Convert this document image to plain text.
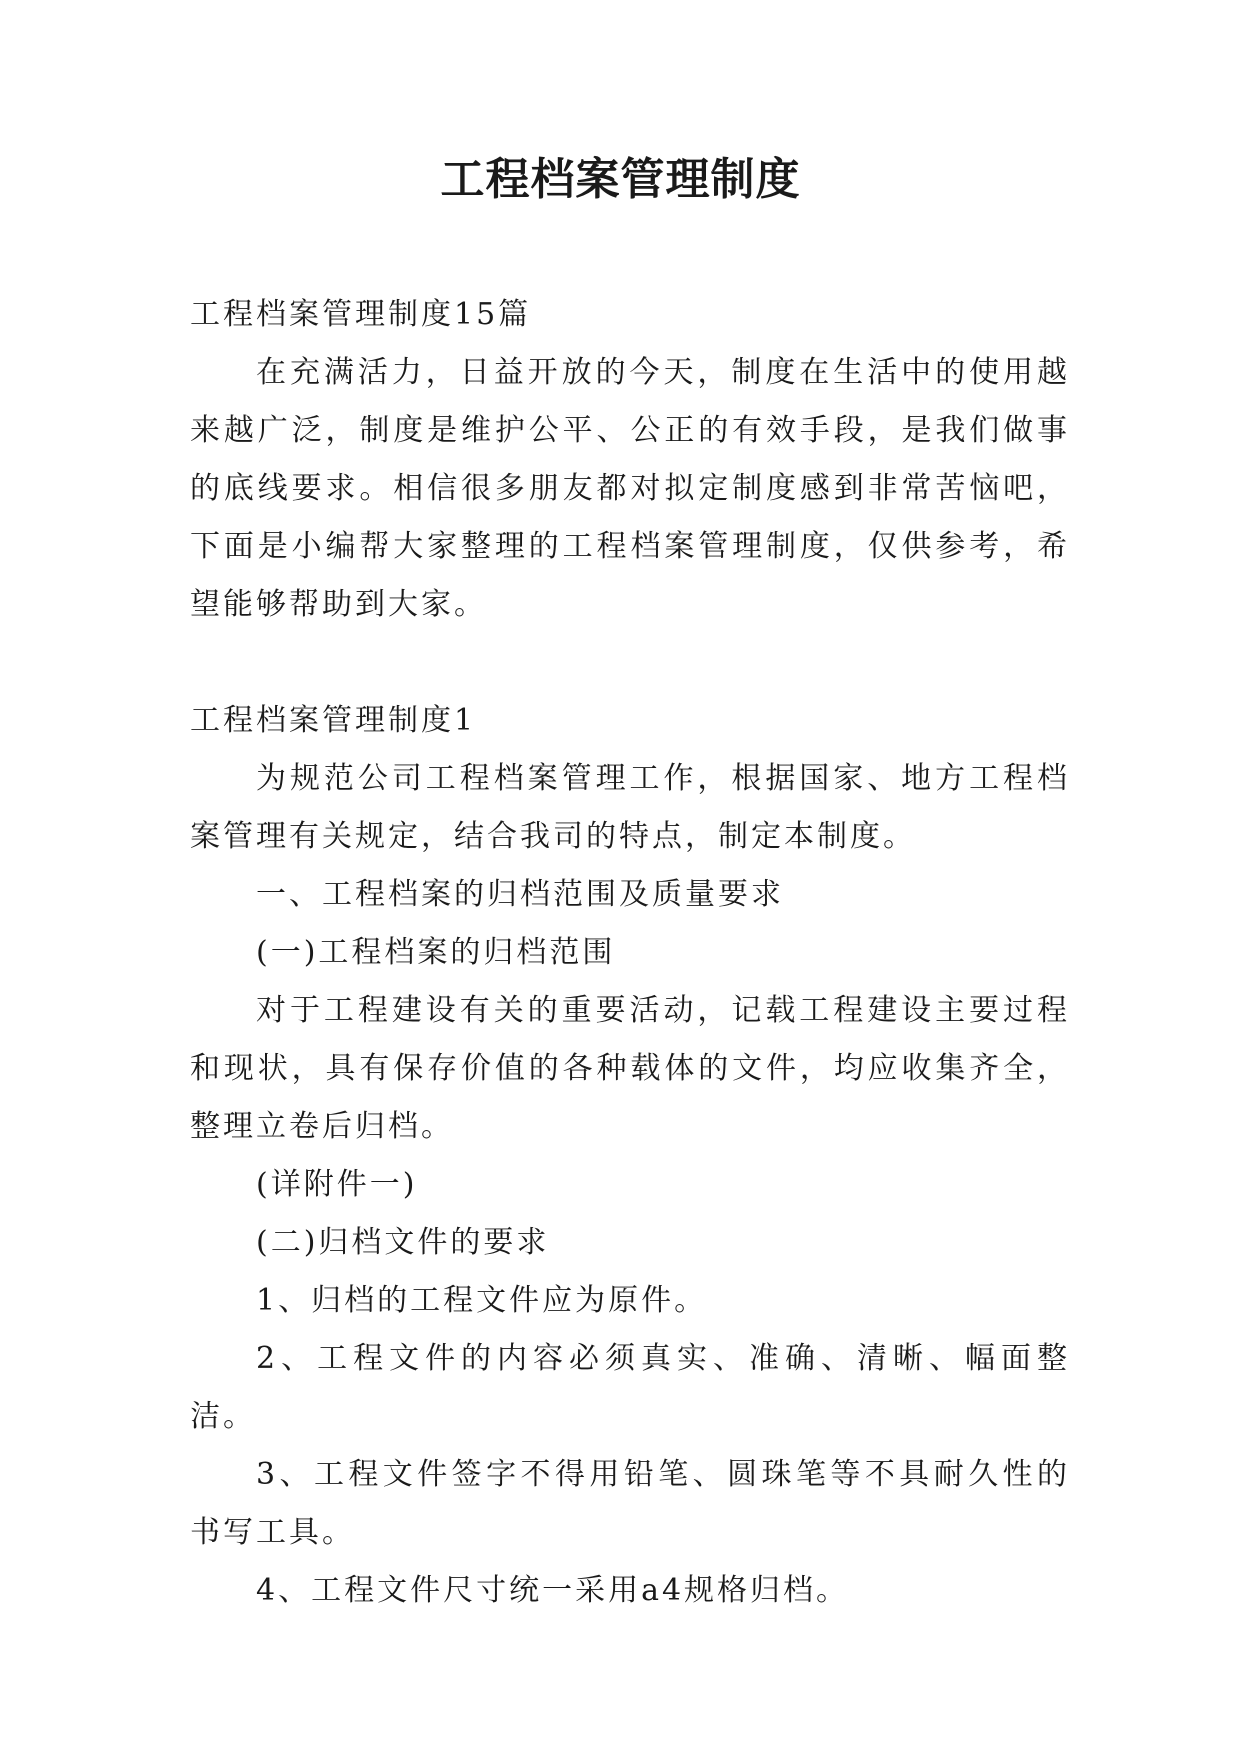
工程档案管理制度

工程档案管理制度15篇

在充满活力，日益开放的今天，制度在生活中的使用越来越广泛，制度是维护公平、公正的有效手段，是我们做事的底线要求。相信很多朋友都对拟定制度感到非常苦恼吧，下面是小编帮大家整理的工程档案管理制度，仅供参考，希望能够帮助到大家。

工程档案管理制度1

为规范公司工程档案管理工作，根据国家、地方工程档案管理有关规定，结合我司的特点，制定本制度。

一、工程档案的归档范围及质量要求

(一)工程档案的归档范围

对于工程建设有关的重要活动，记载工程建设主要过程和现状，具有保存价值的各种载体的文件，均应收集齐全，整理立卷后归档。

(详附件一)

(二)归档文件的要求

1、归档的工程文件应为原件。

2、工程文件的内容必须真实、准确、清晰、幅面整洁。

3、工程文件签字不得用铅笔、圆珠笔等不具耐久性的书写工具。

4、工程文件尺寸统一采用a4规格归档。
